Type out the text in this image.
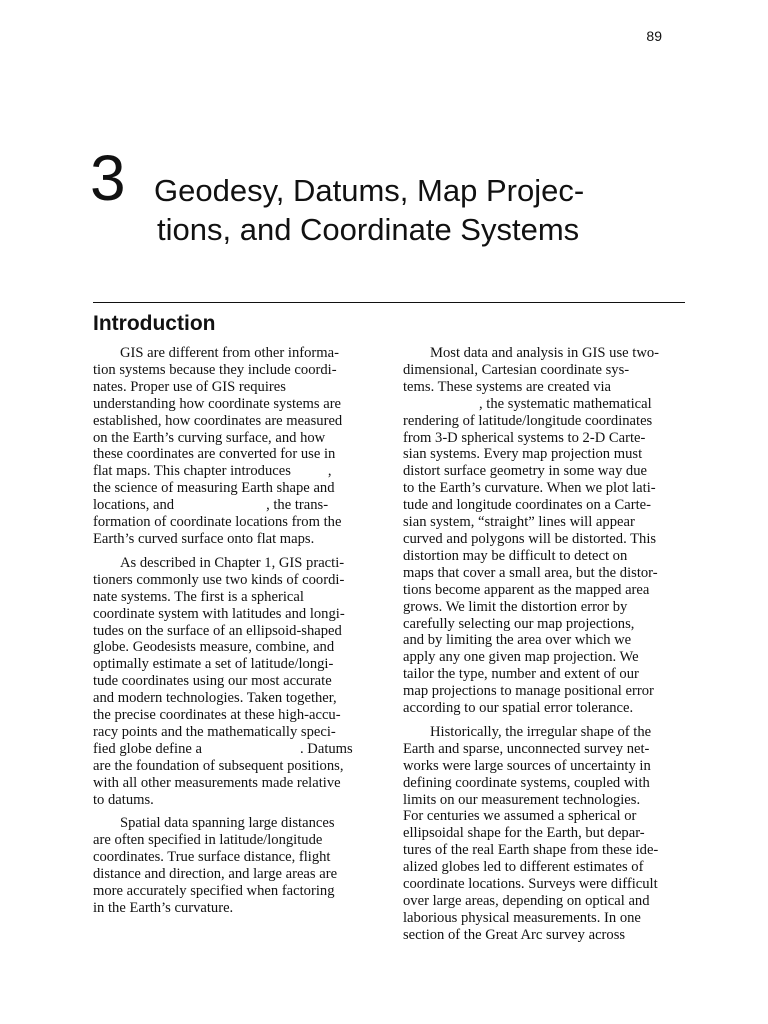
89
3 Geodesy, Datums, Map Projec-
tions, and Coordinate Systems
Introduction

GIS are different from other informa-
tion systems because they include coordi-
nates. Proper use of GIS requires
understanding how coordinate systems are
established, how coordinates are measured
on the Earth’s curving surface, and how
these coordinates are converted for use in
flat maps. This chapter introduces	,
the science of measuring Earth shape and
locations, and	, the trans-
formation of coordinate locations from the
Earth’s curved surface onto flat maps.

As described in Chapter 1, GIS practi-
tioners commonly use two kinds of coordi-
nate systems. The first is a spherical
coordinate system with latitudes and longi-
tudes on the surface of an ellipsoid-shaped
globe. Geodesists measure, combine, and
optimally estimate a set of latitude/longi-
tude coordinates using our most accurate
and modern technologies. Taken together,
the precise coordinates at these high-accu-
racy points and the mathematically speci-
fied globe define a	. Datums
are the foundation of subsequent positions,
with all other measurements made relative
to datums.

Spatial data spanning large distances
are often specified in latitude/longitude
coordinates. True surface distance, flight
distance and direction, and large areas are
more accurately specified when factoring
in the Earth’s curvature.

Most data and analysis in GIS use two-
dimensional, Cartesian coordinate sys-
tems. These systems are created via
, the systematic mathematical
rendering of latitude/longitude coordinates
from 3-D spherical systems to 2-D Carte-
sian systems. Every map projection must
distort surface geometry in some way due
to the Earth’s curvature. When we plot lati-
tude and longitude coordinates on a Carte-
sian system, “straight” lines will appear
curved and polygons will be distorted. This
distortion may be difficult to detect on
maps that cover a small area, but the distor-
tions become apparent as the mapped area
grows. We limit the distortion error by
carefully selecting our map projections,
and by limiting the area over which we
apply any one given map projection. We
tailor the type, number and extent of our
map projections to manage positional error
according to our spatial error tolerance.

Historically, the irregular shape of the
Earth and sparse, unconnected survey net-
works were large sources of uncertainty in
defining coordinate systems, coupled with
limits on our measurement technologies.
For centuries we assumed a spherical or
ellipsoidal shape for the Earth, but depar-
tures of the real Earth shape from these ide-
alized globes led to different estimates of
coordinate locations. Surveys were difficult
over large areas, depending on optical and
laborious physical measurements. In one
section of the Great Arc survey across
